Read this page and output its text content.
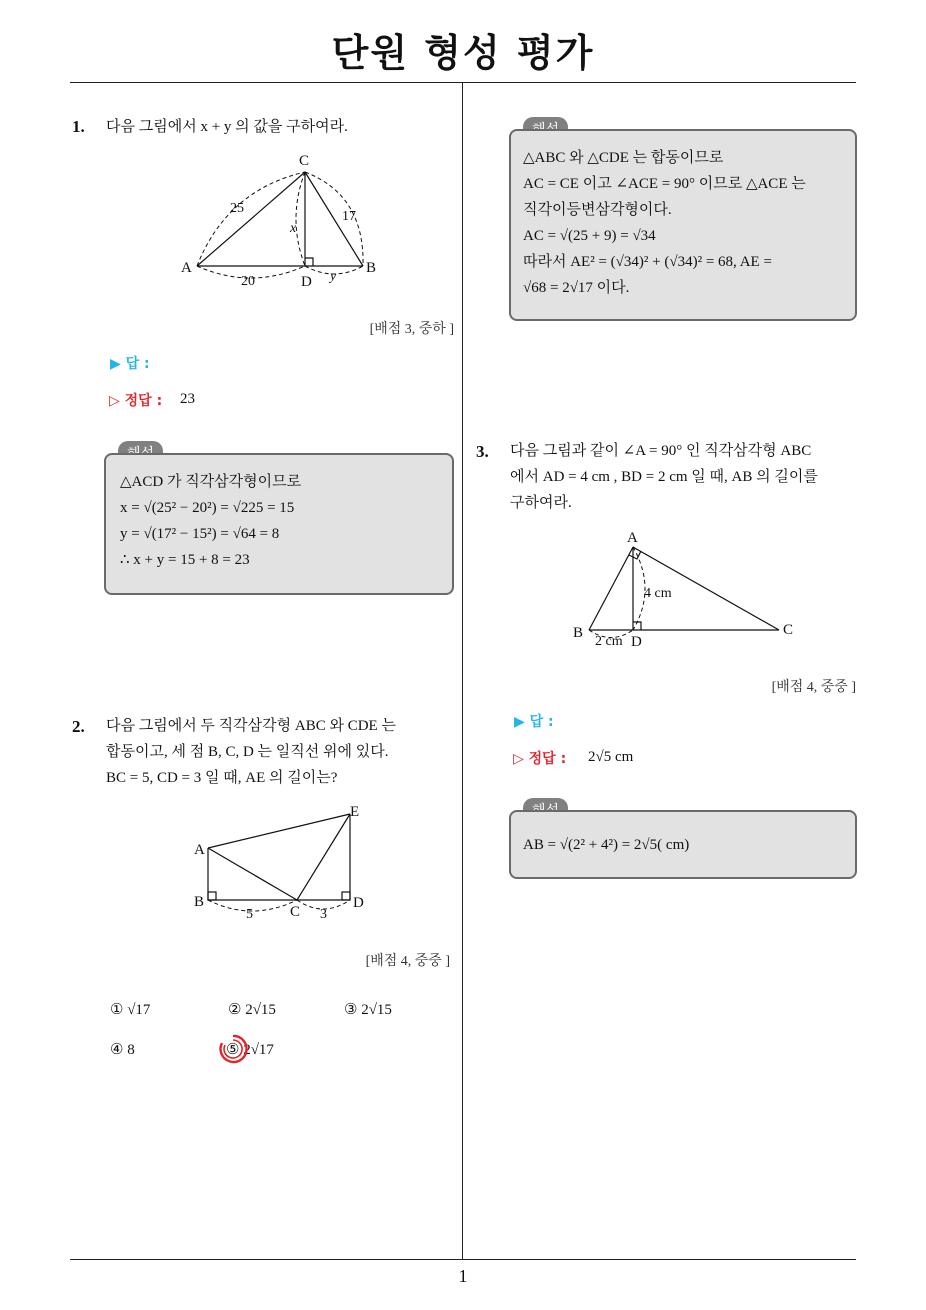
단원 형성 평가
1
1. 다음 그림에서 x + y 의 값을 구하여라.
A	B
C
D
25
17
20	y
x
[배점 3, 중하 ]
▶ 답 :
▷ 정답 : 23
△ACD 가 직각삼각형이므로
x = √(25² − 20²) = √225 = 15
y = √(17² − 15²) = √64 = 8
∴ x + y = 15 + 8 = 23
2. 다음 그림에서 두 직각삼각형 ABC 와 CDE 는
합동이고, 세 점 B, C, D 는 일직선 위에 있다.
BC = 5, CD = 3 일 때, AE 의 길이는?
A
B
C
D
E
5	3
[배점 4, 중중 ]
① √17	② 2√15	③ 2√15
④ 8	⑤ 2√17
△ABC 와 △CDE 는 합동이므로
AC = CE 이고 ∠ACE = 90° 이므로 △ACE 는
직각이등변삼각형이다.
AC = √(25 + 9) = √34
따라서 AE² = (√34)² + (√34)² = 68, AE =
√68 = 2√17 이다.
3. 다음 그림과 같이 ∠A = 90° 인 직각삼각형 ABC
에서 AD = 4 cm , BD = 2 cm 일 때, AB 의 길이를
구하여라.
A
B	C
D
4 cm
2 cm
[배점 4, 중중 ]
▶ 답 :
▷ 정답 : 2√5 cm
AB = √(2² + 4²) = 2√5( cm)
